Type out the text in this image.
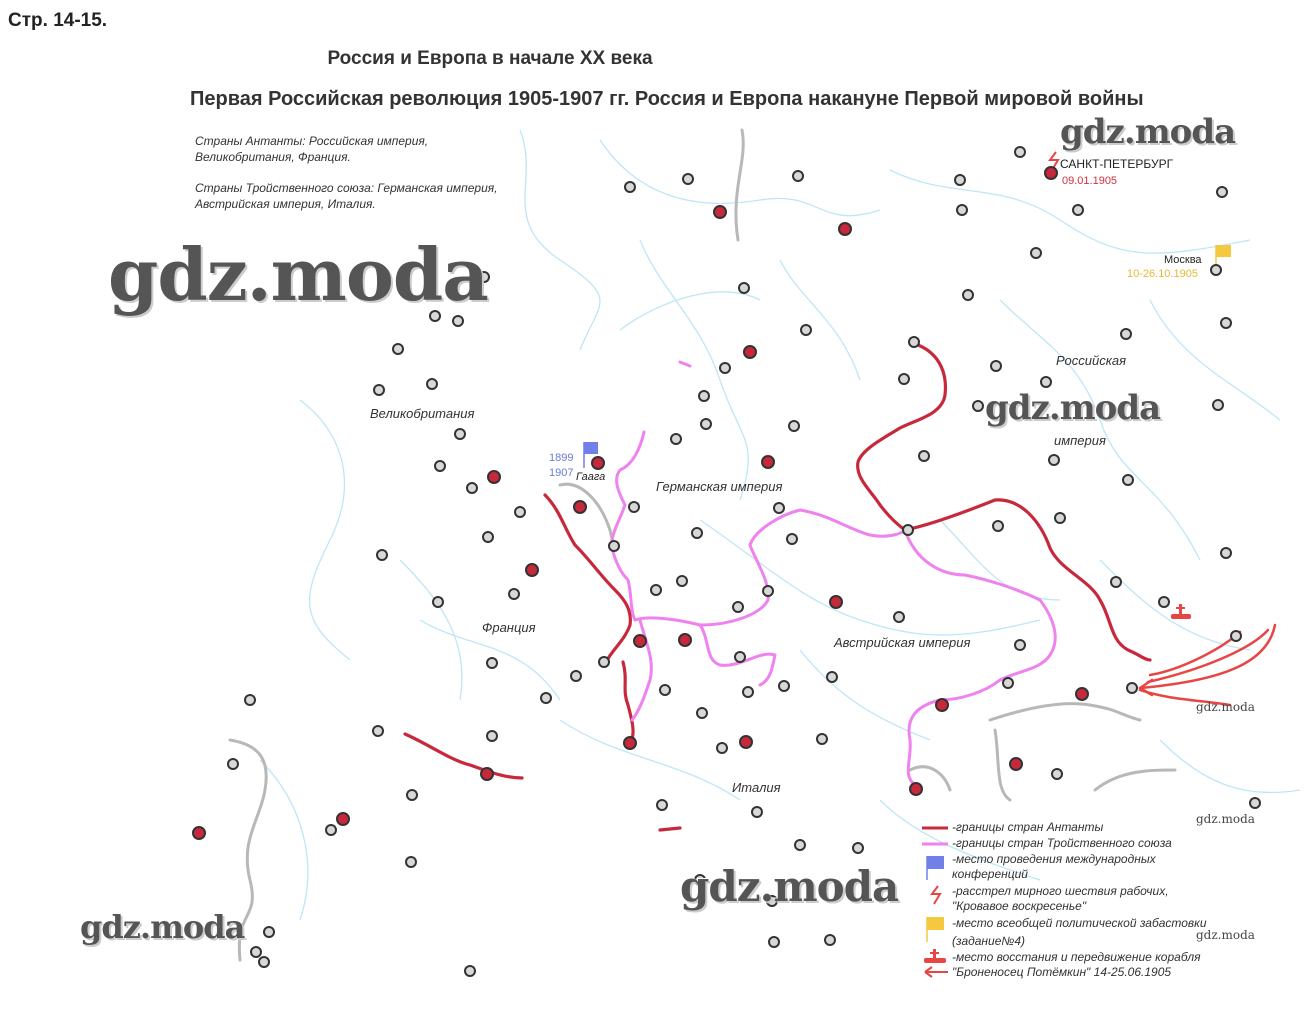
Стр. 14-15.
Россия и Европа в начале XX века
Первая Российская революция 1905-1907 гг. Россия и Европа накануне Первой мировой войны
Страны Антанты: Российская империя, Великобритания, Франция.
Страны Тройственного союза: Германская империя, Австрийская империя, Италия.
Великобритания
Франция
Германская империя
Австрийская империя
Италия
Российская
империя
САНКТ-ПЕТЕРБУРГ
09.01.1905
Москва
10-26.10.1905
Гаага
1899
1907
gdz.moda
gdz.moda
gdz.moda
gdz.moda
gdz.moda
gdz.moda
gdz.moda
gdz.moda
-границы стран Антанты
-границы стран Тройственного союза
-место проведения международных
конференций
-расстрел мирного шествия рабочих,
"Кровавое воскресенье"
-место всеобщей политической забастовки
(задание№4)
-место восстания и передвижение корабля
"Броненосец Потёмкин" 14-25.06.1905
